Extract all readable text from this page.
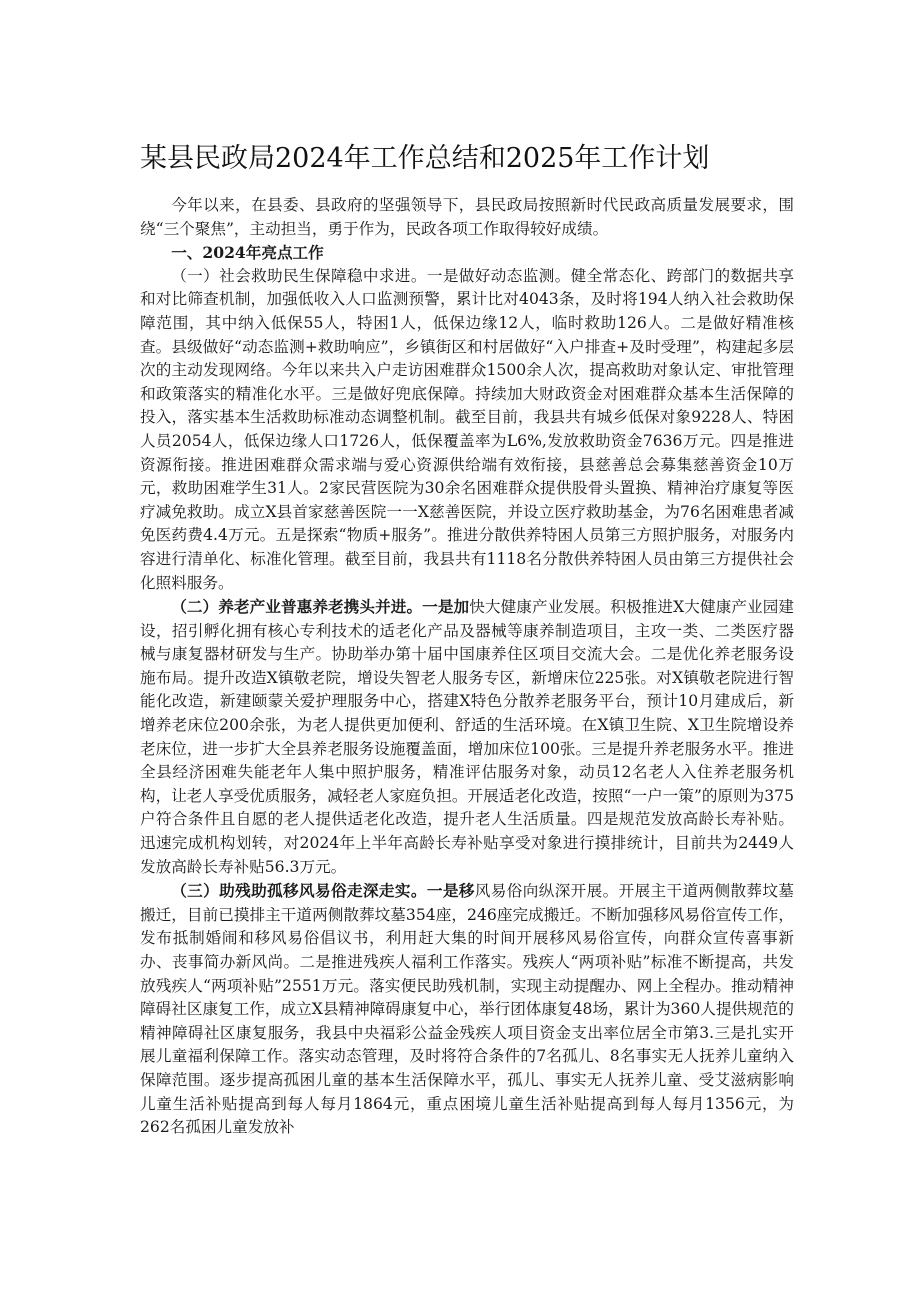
某县民政局2024年工作总结和2025年工作计划

今年以来，在县委、县政府的坚强领导下，县民政局按照新时代民政高质量发展要求，围绕“三个聚焦”，主动担当，勇于作为，民政各项工作取得较好成绩。

一、2024年亮点工作

（一）社会救助民生保障稳中求进。一是做好动态监测。健全常态化、跨部门的数据共享和对比筛查机制，加强低收入人口监测预警，累计比对4043条，及时将194人纳入社会救助保障范围，其中纳入低保55人，特困1人，低保边缘12人，临时救助126人。二是做好精准核查。县级做好“动态监测+救助响应”，乡镇街区和村居做好“入户排查+及时受理”，构建起多层次的主动发现网络。今年以来共入户走访困难群众1500余人次，提高救助对象认定、审批管理和政策落实的精准化水平。三是做好兜底保障。持续加大财政资金对困难群众基本生活保障的投入，落实基本生活救助标准动态调整机制。截至目前，我县共有城乡低保对象9228人、特困人员2054人，低保边缘人口1726人，低保覆盖率为L6%,发放救助资金7636万元。四是推进资源衔接。推进困难群众需求端与爱心资源供给端有效衔接，县慈善总会募集慈善资金10万元，救助困难学生31人。2家民营医院为30余名困难群众提供股骨头置换、精神治疗康复等医疗减免救助。成立X县首家慈善医院一一X慈善医院，并设立医疗救助基金，为76名困难患者减免医药费4.4万元。五是探索“物质+服务”。推进分散供养特困人员第三方照护服务，对服务内容进行清单化、标准化管理。截至目前，我县共有1118名分散供养特困人员由第三方提供社会化照料服务。

（二）养老产业普惠养老携头并进。一是加快大健康产业发展。积极推进X大健康产业园建设，招引孵化拥有核心专利技术的适老化产品及器械等康养制造项目，主攻一类、二类医疗器械与康复器材研发与生产。协助举办第十届中国康养住区项目交流大会。二是优化养老服务设施布局。提升改造X镇敬老院，增设失智老人服务专区，新增床位225张。对X镇敬老院进行智能化改造，新建颐蒙关爱护理服务中心，搭建X特色分散养老服务平台，预计10月建成后，新增养老床位200余张，为老人提供更加便利、舒适的生活环境。在X镇卫生院、X卫生院增设养老床位，进一步扩大全县养老服务设施覆盖面，增加床位100张。三是提升养老服务水平。推进全县经济困难失能老年人集中照护服务，精准评估服务对象，动员12名老人入住养老服务机构，让老人享受优质服务，减轻老人家庭负担。开展适老化改造，按照“一户一策”的原则为375户符合条件且自愿的老人提供适老化改造，提升老人生活质量。四是规范发放高龄长寿补贴。迅速完成机构划转，对2024年上半年高龄长寿补贴享受对象进行摸排统计，目前共为2449人发放高龄长寿补贴56.3万元。

（三）助残助孤移风易俗走深走实。一是移风易俗向纵深开展。开展主干道两侧散葬坟墓搬迁，目前已摸排主干道两侧散葬坟墓354座，246座完成搬迁。不断加强移风易俗宣传工作，发布抵制婚闹和移风易俗倡议书，利用赶大集的时间开展移风易俗宣传，向群众宣传喜事新办、丧事简办新风尚。二是推进残疾人福利工作落实。残疾人“两项补贴”标准不断提高，共发放残疾人“两项补贴”2551万元。落实便民助残机制，实现主动提醒办、网上全程办。推动精神障碍社区康复工作，成立X县精神障碍康复中心，举行团体康复48场，累计为360人提供规范的精神障碍社区康复服务，我县中央福彩公益金残疾人项目资金支出率位居全市第3.三是扎实开展儿童福利保障工作。落实动态管理，及时将符合条件的7名孤儿、8名事实无人抚养儿童纳入保障范围。逐步提高孤困儿童的基本生活保障水平，孤儿、事实无人抚养儿童、受艾滋病影响儿童生活补贴提高到每人每月1864元，重点困境儿童生活补贴提高到每人每月1356元，为262名孤困儿童发放补
